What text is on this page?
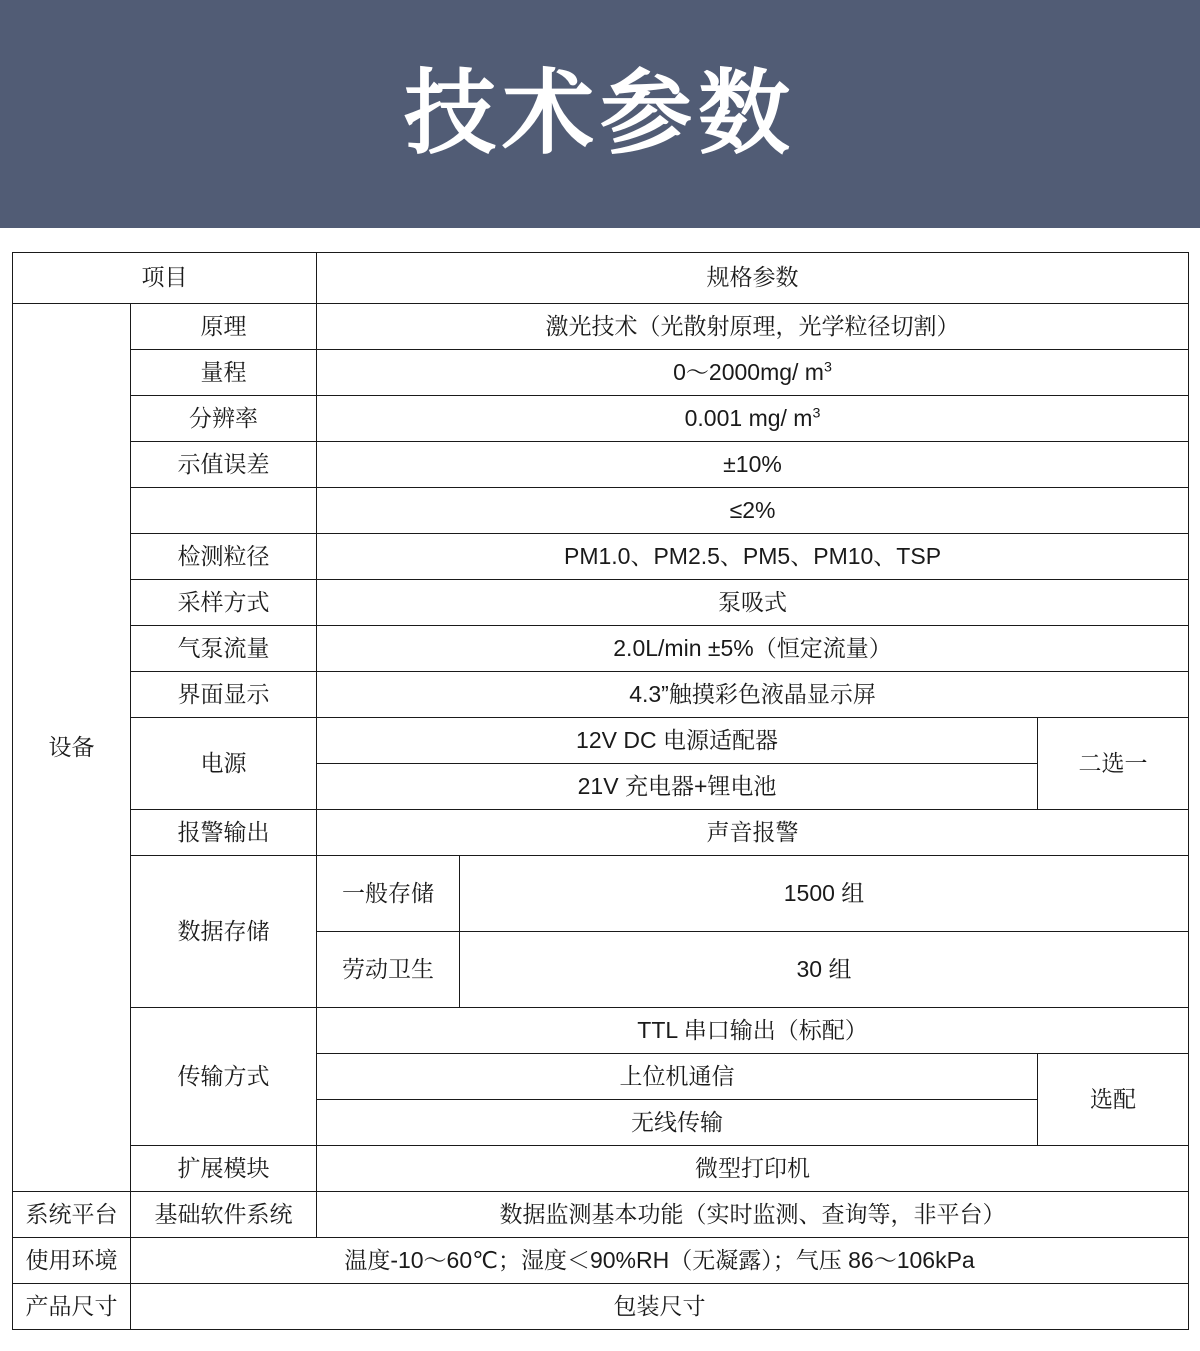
技术参数
项目		规格参数		
设备	原理	激光技术（光散射原理，光学粒径切割）		
	量程	0～2000mg/ $m^3$
	分辨率	0.001 mg/ $m^3$
	示值误差	±10%		
		≤2%		
	检测粒径	PM1.0、PM2.5、PM5、PM10、TSP		
	采样方式	泵吸式		
	气泵流量	2.0L/min ±5%（恒定流量）		
	界面显示	4.3”触摸彩色液晶显示屏		
	电源	12V DC 电源适配器		二选一
		21V 充电器+锂电池		
	报警输出	声音报警		
	数据存储	一般存储	1500 组	
		劳动卫生	30 组	
	传输方式	TTL 串口输出（标配）		
		上位机通信		选配
		无线传输		
	扩展模块	微型打印机		
系统平台	基础软件系统	数据监测基本功能（实时监测、查询等，非平台）		
使用环境	温度-10～60℃；湿度＜90%RH（无凝露）；气压 86～106kPa			
产品尺寸	包装尺寸			
